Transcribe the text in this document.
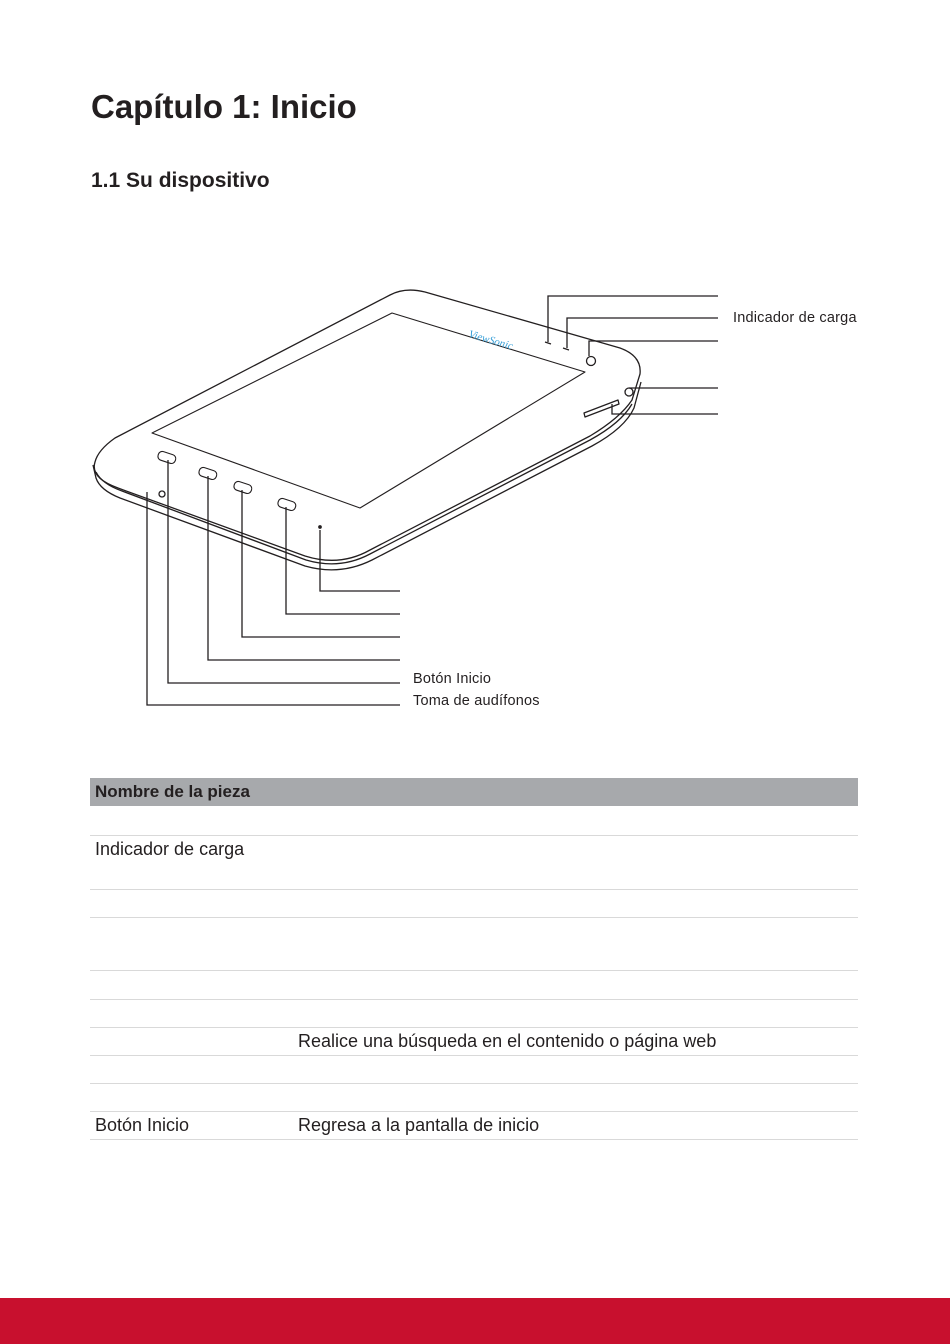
Capítulo 1: Inicio
1.1 Su dispositivo
ViewSonic
Indicador de carga
Botón Inicio
Toma de audífonos
Nombre de la pieza	

Indicador de carga	

	Realice una búsqueda en el contenido o página web

Botón Inicio	Regresa a la pantalla de inicio
